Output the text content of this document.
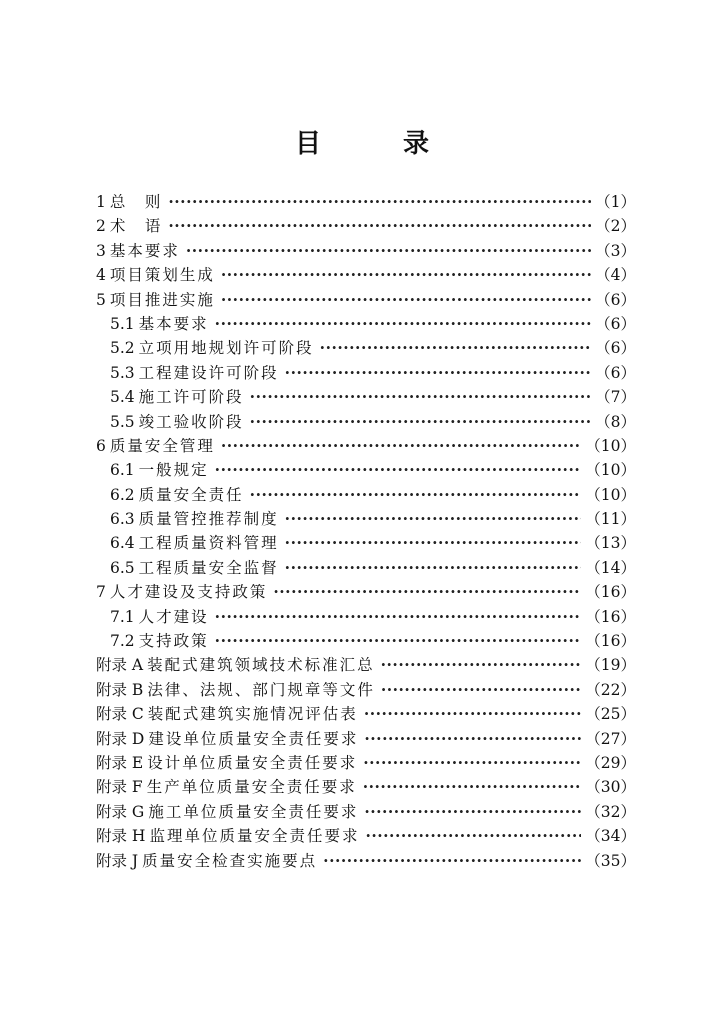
目　录
1 总　则 ·····	（1）
2 术　语 ·····	（2）
3 基本要求 ·····	（3）
4 项目策划生成 ·····	（4）
5 项目推进实施 ·····	（6）
5.1 基本要求 ·····	（6）
5.2 立项用地规划许可阶段 ·····	（6）
5.3 工程建设许可阶段 ·····	（6）
5.4 施工许可阶段 ·····	（7）
5.5 竣工验收阶段 ·····	（8）
6 质量安全管理 ·····	（10）
6.1 一般规定 ·····	（10）
6.2 质量安全责任 ·····	（10）
6.3 质量管控推荐制度 ·····	（11）
6.4 工程质量资料管理 ·····	（13）
6.5 工程质量安全监督 ·····	（14）
7 人才建设及支持政策 ·····	（16）
7.1 人才建设 ·····	（16）
7.2 支持政策 ·····	（16）
附录 A 装配式建筑领域技术标准汇总 ·····	（19）
附录 B 法律、法规、部门规章等文件 ·····	（22）
附录 C 装配式建筑实施情况评估表 ·····	（25）
附录 D 建设单位质量安全责任要求 ·····	（27）
附录 E 设计单位质量安全责任要求 ·····	（29）
附录 F 生产单位质量安全责任要求 ·····	（30）
附录 G 施工单位质量安全责任要求 ·····	（32）
附录 H 监理单位质量安全责任要求 ·····	（34）
附录 J 质量安全检查实施要点 ·····	（35）
